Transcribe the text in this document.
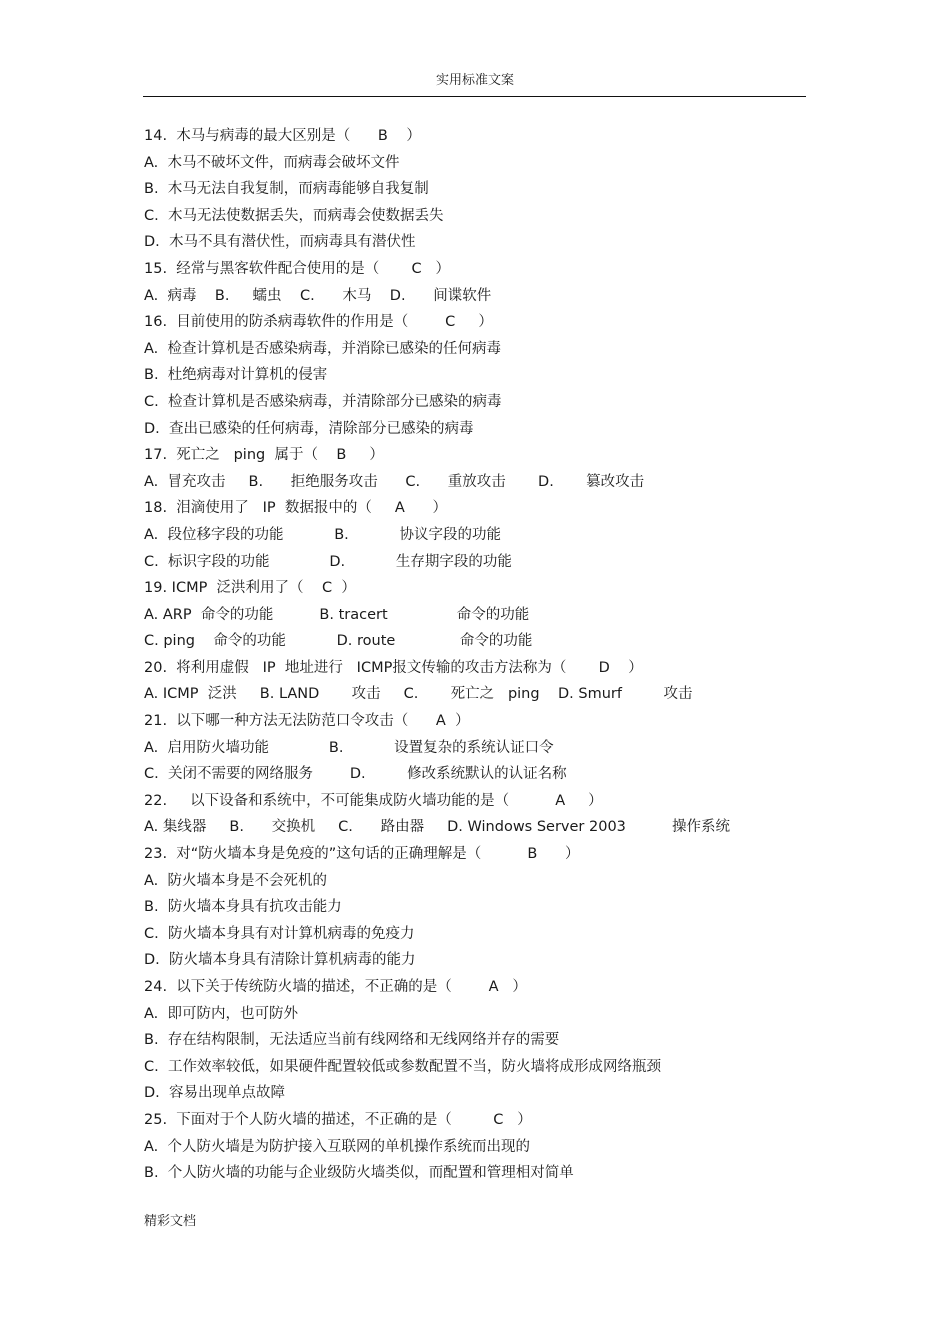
实用标准文案
14.  木马与病毒的最大区别是（      B    ）
A.  木马不破坏文件，而病毒会破坏文件
B.  木马无法自我复制，而病毒能够自我复制
C.  木马无法使数据丢失，而病毒会使数据丢失
D.  木马不具有潜伏性，而病毒具有潜伏性
15.  经常与黑客软件配合使用的是（       C   ）
A.  病毒    B.     蠕虫    C.      木马    D.      间谍软件
16.  目前使用的防杀病毒软件的作用是（        C     ）
A.  检查计算机是否感染病毒，并消除已感染的任何病毒
B.  杜绝病毒对计算机的侵害
C.  检查计算机是否感染病毒，并清除部分已感染的病毒
D.  查出已感染的任何病毒，清除部分已感染的病毒
17.  死亡之   ping  属于（    B     ）
A.  冒充攻击     B.      拒绝服务攻击      C.      重放攻击       D.       篡改攻击
18.  泪滴使用了   IP  数据报中的（     A      ）
A.  段位移字段的功能           B.           协议字段的功能
C.  标识字段的功能             D.           生存期字段的功能
19. ICMP  泛洪利用了（    C  ）
A. ARP  命令的功能          B. tracert               命令的功能
C. ping    命令的功能           D. route              命令的功能
20.  将利用虚假   IP  地址进行   ICMP报文传输的攻击方法称为（       D    ）
A. ICMP  泛洪     B. LAND       攻击     C.       死亡之   ping    D. Smurf         攻击
21.  以下哪一种方法无法防范口令攻击（      A  ）
A.  启用防火墙功能             B.           设置复杂的系统认证口令
C.  关闭不需要的网络服务        D.         修改系统默认的认证名称
22.     以下设备和系统中，不可能集成防火墙功能的是（          A     ）
A. 集线器     B.      交换机     C.      路由器     D. Windows Server 2003          操作系统
23.  对“防火墙本身是免疫的”这句话的正确理解是（          B      ）
A.  防火墙本身是不会死机的
B.  防火墙本身具有抗攻击能力
C.  防火墙本身具有对计算机病毒的免疫力
D.  防火墙本身具有清除计算机病毒的能力
24.  以下关于传统防火墙的描述，不正确的是（        A   ）
A.  即可防内，也可防外
B.  存在结构限制，无法适应当前有线网络和无线网络并存的需要
C.  工作效率较低，如果硬件配置较低或参数配置不当，防火墙将成形成网络瓶颈
D.  容易出现单点故障
25.  下面对于个人防火墙的描述，不正确的是（         C   ）
A.  个人防火墙是为防护接入互联网的单机操作系统而出现的
B.  个人防火墙的功能与企业级防火墙类似，而配置和管理相对简单
精彩文档
